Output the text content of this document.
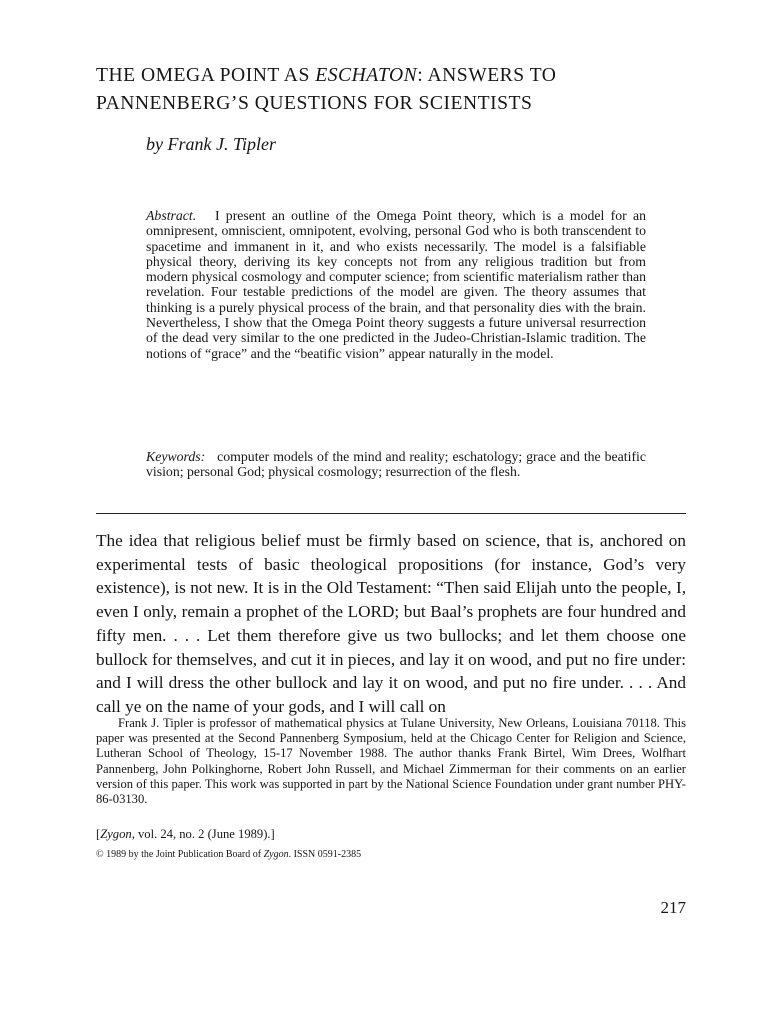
THE OMEGA POINT AS ESCHATON: ANSWERS TO
PANNENBERG’S QUESTIONS FOR SCIENTISTS
by Frank J. Tipler
Abstract. I present an outline of the Omega Point theory, which is a model for an omnipresent, omniscient, omnipotent, evolving, personal God who is both transcendent to spacetime and immanent in it, and who exists necessarily. The model is a falsifiable physical theory, deriving its key concepts not from any religious tradition but from modern physical cosmology and computer science; from scientific materialism rather than revelation. Four testable predictions of the model are given. The theory assumes that thinking is a purely physical process of the brain, and that personality dies with the brain. Nevertheless, I show that the Omega Point theory suggests a future universal resurrection of the dead very similar to the one predicted in the Judeo-Christian-Islamic tradition. The notions of “grace” and the “beatific vision” appear naturally in the model.
Keywords: computer models of the mind and reality; eschatology; grace and the beatific vision; personal God; physical cosmology; resurrection of the flesh.
The idea that religious belief must be firmly based on science, that is, anchored on experimental tests of basic theological propositions (for instance, God’s very existence), is not new. It is in the Old Testament: “Then said Elijah unto the people, I, even I only, remain a prophet of the LORD; but Baal’s prophets are four hundred and fifty men. . . . Let them therefore give us two bullocks; and let them choose one bullock for themselves, and cut it in pieces, and lay it on wood, and put no fire under: and I will dress the other bullock and lay it on wood, and put no fire under. . . . And call ye on the name of your gods, and I will call on
Frank J. Tipler is professor of mathematical physics at Tulane University, New Orleans, Louisiana 70118. This paper was presented at the Second Pannenberg Symposium, held at the Chicago Center for Religion and Science, Lutheran School of Theology, 15-17 November 1988. The author thanks Frank Birtel, Wim Drees, Wolfhart Pannenberg, John Polkinghorne, Robert John Russell, and Michael Zimmerman for their comments on an earlier version of this paper. This work was supported in part by the National Science Foundation under grant number PHY-86-03130.
[Zygon, vol. 24, no. 2 (June 1989).]
© 1989 by the Joint Publication Board of Zygon. ISSN 0591-2385
217
